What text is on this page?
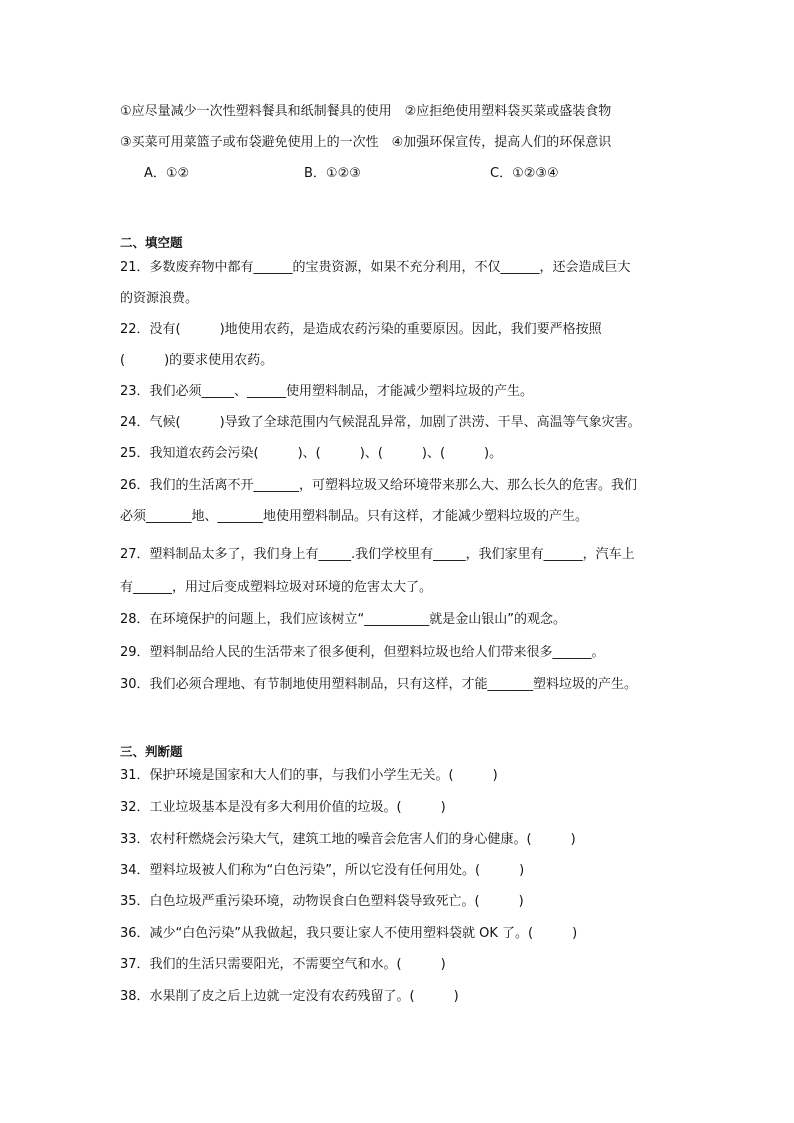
①应尽量减少一次性塑料餐具和纸制餐具的使用　②应拒绝使用塑料袋买菜或盛装食物
③买菜可用菜篮子或布袋避免使用上的一次性　④加强环保宣传，提高人们的环保意识
A．①②	B．①②③	C．①②③④
二、填空题
21．多数废弃物中都有______的宝贵资源，如果不充分利用，不仅______，还会造成巨大
的资源浪费。
22．没有(　　　)地使用农药，是造成农药污染的重要原因。因此，我们要严格按照
(　　　)的要求使用农药。
23．我们必须_____、______使用塑料制品，才能减少塑料垃圾的产生。
24．气候(　　　)导致了全球范围内气候混乱异常，加剧了洪涝、干旱、高温等气象灾害。
25．我知道农药会污染(　　　)、(　　　)、(　　　)、(　　　)。
26．我们的生活离不开_______，可塑料垃圾又给环境带来那么大、那么长久的危害。我们
必须_______地、_______地使用塑料制品。只有这样，才能减少塑料垃圾的产生。
27．塑料制品太多了，我们身上有_____.我们学校里有_____，我们家里有______，汽车上
有______，用过后变成塑料垃圾对环境的危害太大了。
28．在环境保护的问题上，我们应该树立“__________就是金山银山”的观念。
29．塑料制品给人民的生活带来了很多便利，但塑料垃圾也给人们带来很多______。
30．我们必须合理地、有节制地使用塑料制品，只有这样，才能_______塑料垃圾的产生。
三、判断题
31．保护环境是国家和大人们的事，与我们小学生无关。(　　　)
32．工业垃圾基本是没有多大利用价值的垃圾。(　　　)
33．农村秆燃烧会污染大气，建筑工地的噪音会危害人们的身心健康。(　　　)
34．塑料垃圾被人们称为“白色污染”，所以它没有任何用处。(　　　)
35．白色垃圾严重污染环境，动物误食白色塑料袋导致死亡。(　　　)
36．减少“白色污染”从我做起，我只要让家人不使用塑料袋就 OK 了。(　　　)
37．我们的生活只需要阳光，不需要空气和水。(　　　)
38．水果削了皮之后上边就一定没有农药残留了。(　　　)
